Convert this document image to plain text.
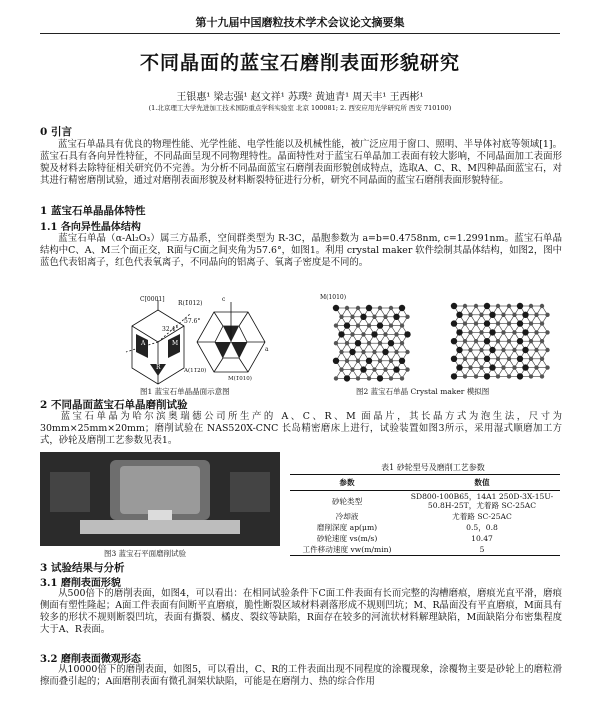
第十九届中国磨粒技术学术会议论文摘要集
不同晶面的蓝宝石磨削表面形貌研究
王银惠¹ 梁志强¹ 赵文祥¹ 苏璞² 黄迪青¹ 周天丰¹ 王西彬¹
(1.北京理工大学先进加工技术国防重点学科实验室 北京 100081; 2. 西安应用光学研究所 西安 710100)
0 引言
蓝宝石单晶具有优良的物理性能、光学性能、电学性能以及机械性能，被广泛应用于窗口、照明、半导体衬底等领域[1]。蓝宝石具有各向异性特征，不同晶面呈现不同物理特性。晶面特性对于蓝宝石单晶加工表面有较大影响，不同晶面加工表面形貌及材料去除特征相关研究仍不完善。为分析不同晶面蓝宝石磨削表面形貌创成特点，选取A、C、R、M四种晶面蓝宝石，对其进行精密磨削试验，通过对磨削表面形貌及材料断裂特征进行分析，研究不同晶面的蓝宝石磨削表面形貌特征。
1 蓝宝石单晶晶体特性
1.1 各向异性晶体结构
蓝宝石单晶（α-Al₂O₃）属三方晶系，空间群类型为 R-3C，晶胞参数为 a=b=0.4758nm, c=1.2991nm。蓝宝石单晶结构中C、A、M三个面正交，R面与C面之间夹角为57.6°，如图1。利用 crystal maker 软件绘制其晶体结构，如图2，图中蓝色代表铝离子，红色代表氧离子，不同晶向的铝离子、氧离子密度是不同的。
C[0001]
R(1̄012)
57.6°
32.4°
c
a
A	M
R	A(11̄20)
M(1̄010)
M(1010)
图1 蓝宝石单晶晶面示意图	图2 蓝宝石单晶 Crystal maker 模拟图
2 不同晶面蓝宝石单晶磨削试验
蓝宝石单晶为哈尔滨奥瑞德公司所生产的 A、C、R、M 面晶片，其长晶方式为泡生法，尺寸为30mm×25mm×20mm；磨削试验在 NAS520X-CNC 长岛精密磨床上进行，试验装置如图3所示，采用湿式顺磨加工方式，砂轮及磨削工艺参数见表1。
图3 蓝宝石平面磨削试验
表1 砂轮型号及磨削工艺参数
参数	数值
砂轮类型	SD800-100B65，14A1 250D-3X-15U-50.8H-25T，尤着路 SC-25AC
冷却液	尤着路 SC-25AC
磨削深度 ap(μm)	0.5，0.8
砂轮速度 vs(m/s)	10.47
工件移动速度 vw(m/min)	5
3 试验结果与分析
3.1 磨削表面形貌
从500倍下的磨削表面，如图4，可以看出：在相同试验条件下C面工件表面有长而完整的沟槽磨痕，磨痕光直平滑，磨痕侧面有塑性隆起；A面工件表面有间断平直磨痕，脆性断裂区域材料剥落形成不规则凹坑；M、R晶面没有平直磨痕，M面具有较多的形状不规则断裂凹坑，表面有撕裂、橘皮、裂纹等缺陷，R面存在较多的河流状材料解理缺陷，M面缺陷分布密集程度大于A、R表面。
3.2 磨削表面微观形态
从10000倍下的磨削表面，如图5，可以看出，C、R的工件表面出现不同程度的涂覆现象，涂覆物主要是砂轮上的磨粒滑擦而叠引起的；A面磨削表面有微孔洞架状缺陷，可能是在磨削力、热的综合作用
